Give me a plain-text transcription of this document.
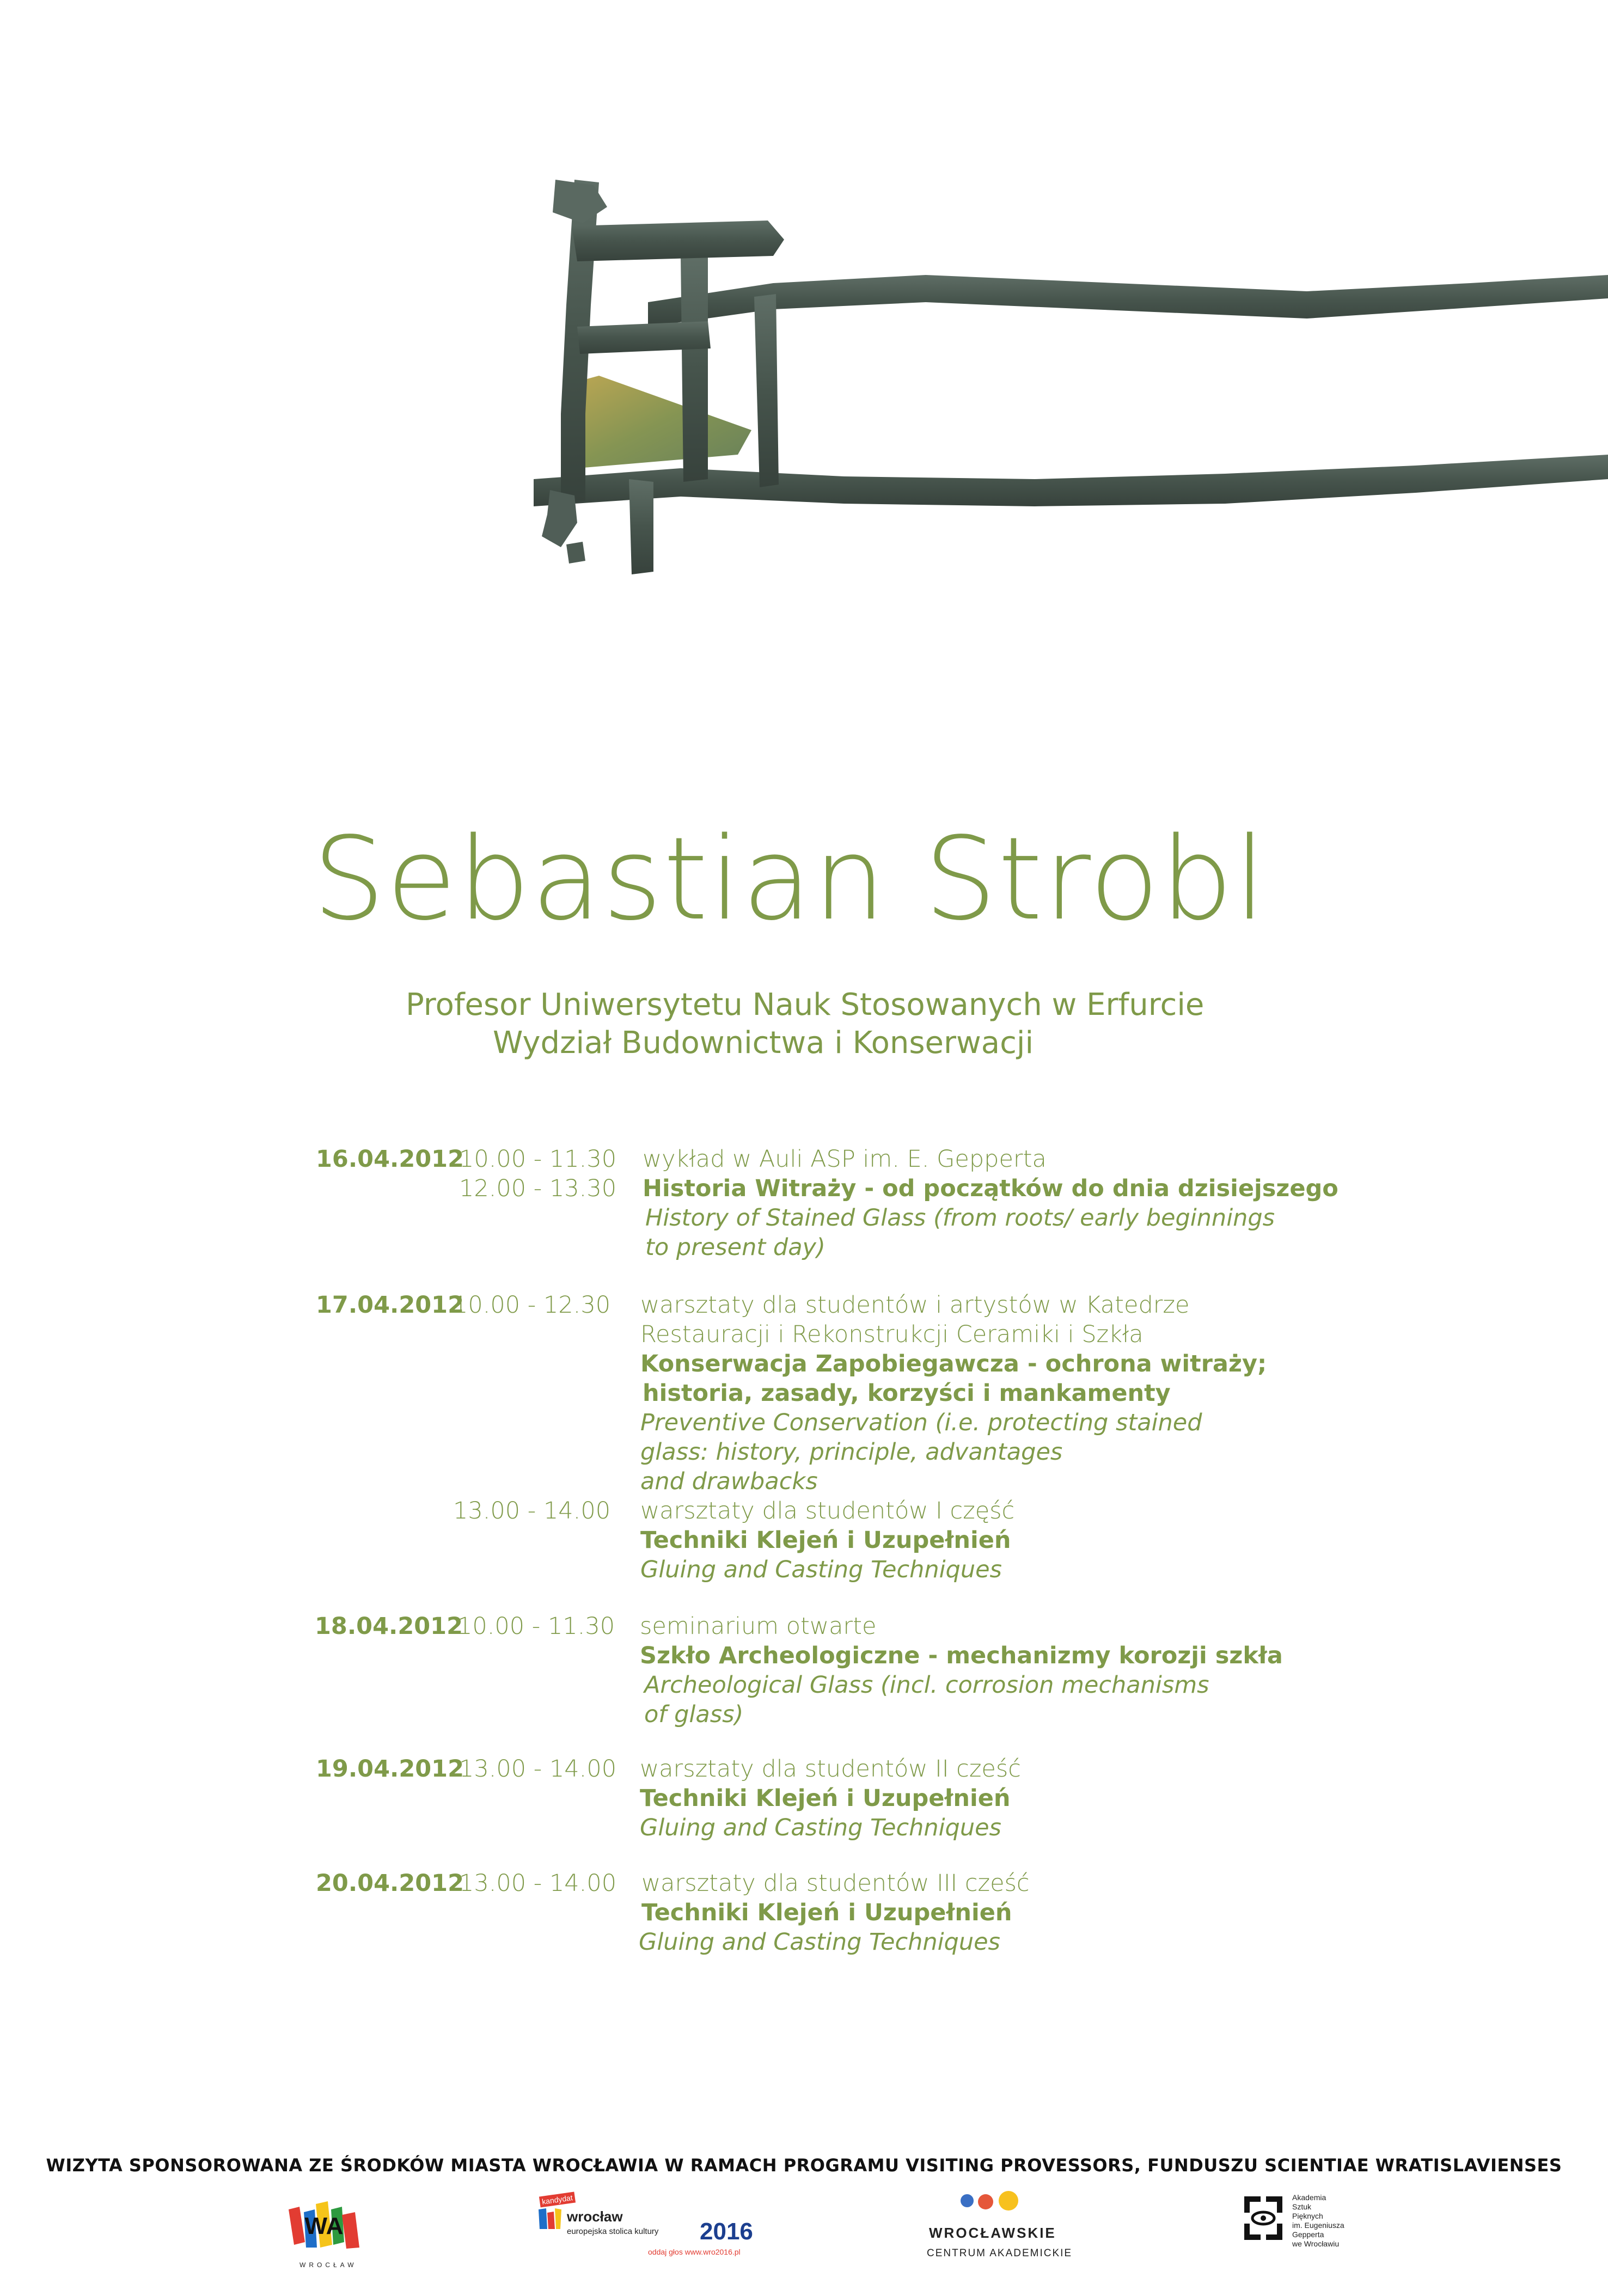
Sebastian Strobl
Profesor Uniwersytetu Nauk Stosowanych w Erfurcie
Wydział Budownictwa i Konserwacji
16.04.2012
10.00 - 11.30 wykład w Auli ASP im. E. Gepperta
12.00 - 13.30 Historia Witraży - od początków do dnia dzisiejszego
History of Stained Glass (from roots/ early beginnings
to present day)
17.04.2012
10.00 - 12.30 warsztaty dla studentów i artystów w Katedrze
Restauracji i Rekonstrukcji Ceramiki i Szkła
Konserwacja Zapobiegawcza - ochrona witraży;
historia, zasady, korzyści i mankamenty
Preventive Conservation (i.e. protecting stained
glass: history, principle, advantages
and drawbacks
13.00 - 14.00 warsztaty dla studentów I część
Techniki Klejeń i Uzupełnień
Gluing and Casting Techniques
18.04.2012
10.00 - 11.30 seminarium otwarte
Szkło Archeologiczne - mechanizmy korozji szkła
Archeological Glass (incl. corrosion mechanisms
of glass)
19.04.2012
13.00 - 14.00 warsztaty dla studentów II cześć
Techniki Klejeń i Uzupełnień
Gluing and Casting Techniques
20.04.2012
13.00 - 14.00 warsztaty dla studentów III cześć
Techniki Klejeń i Uzupełnień
Gluing and Casting Techniques
WIZYTA SPONSOROWANA ZE ŚRODKÓW MIASTA WROCŁAWIA W RAMACH PROGRAMU VISITING PROVESSORS, FUNDUSZU SCIENTIAE WRATISLAVIENSES
WA
WROCŁAW
kandydat
wrocław
europejska stolica kultury 2016
oddaj głos www.wro2016.pl
WROCŁAWSKIE
CENTRUM AKADEMICKIE
Akademia
Sztuk
Pięknych
im. Eugeniusza
Gepperta
we Wrocławiu
